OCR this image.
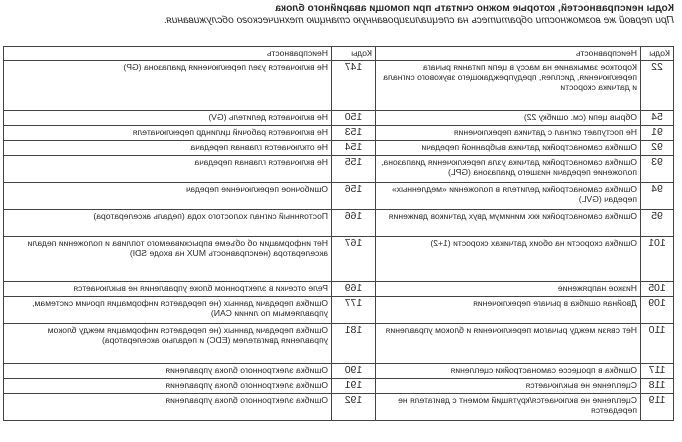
Коды неисправностей, которые можно считать при помощи аварийного блока
При первой же возможности обратитесь на специализированную станцию технического обслуживания.
Коды	Неисправность	Коды	Неисправность
22	Короткое замыкание на массу в цепи питания рычага переключения, дисплея, предупреждающего звукового сигнала и датчика скорости	147	Не включается узел переключения диапазона (GP)
54	Обрыв цепи (см. ошибку 22)	150	Не включается делитель (GV)
91	Не поступает сигнал с датчика переключения	153	Не включается рабочий цилиндр переключателя
92	Ошибка самонастройки датчика выбранной передачи	154	Не отключается главная передача
93	Ошибка самонастройки датчика узла переключения диапазона, положение передачи низшего диапазона (GPL)	155	Не включается главная передача
94	Ошибка самонастройки делителя в положении «медленных» передач (GVL)	156	Ошибочное переключение передач
95	Ошибка самонастройки ккх минимум двух датчиков движения	166	Постоянный сигнал холостого хода (педаль акселератора)
101	Ошибка скорости на обоих датчиках скорости (1+2)	167	Нет информации об объеме впрыскиваемого топлива и положении педали акселератора (неисправность MUX на входе SDI)
105	Низкое напряжение	169	Реле отсечки в электронном блоке управления не выключается
109	Двойная ошибка в рычаге переключения	177	Ошибка передачи данных (не передается информация прочим системам, управляемым по линии CAN)
110	Нет связи между рычагом переключения и блоком управления	181	Ошибка передачи данных (не передается информация между блоком управления двигателем (EDC) и педалью акселератора)
117	Ошибка в процессе самонастройки сцепления	190	Ошибка электронного блока управления
118	Сцепление не выключается	191	Ошибка электронного блока управления
119	Сцепление не включается/крутящий момент с двигателя не передается	192	Ошибка электронного блока управления
